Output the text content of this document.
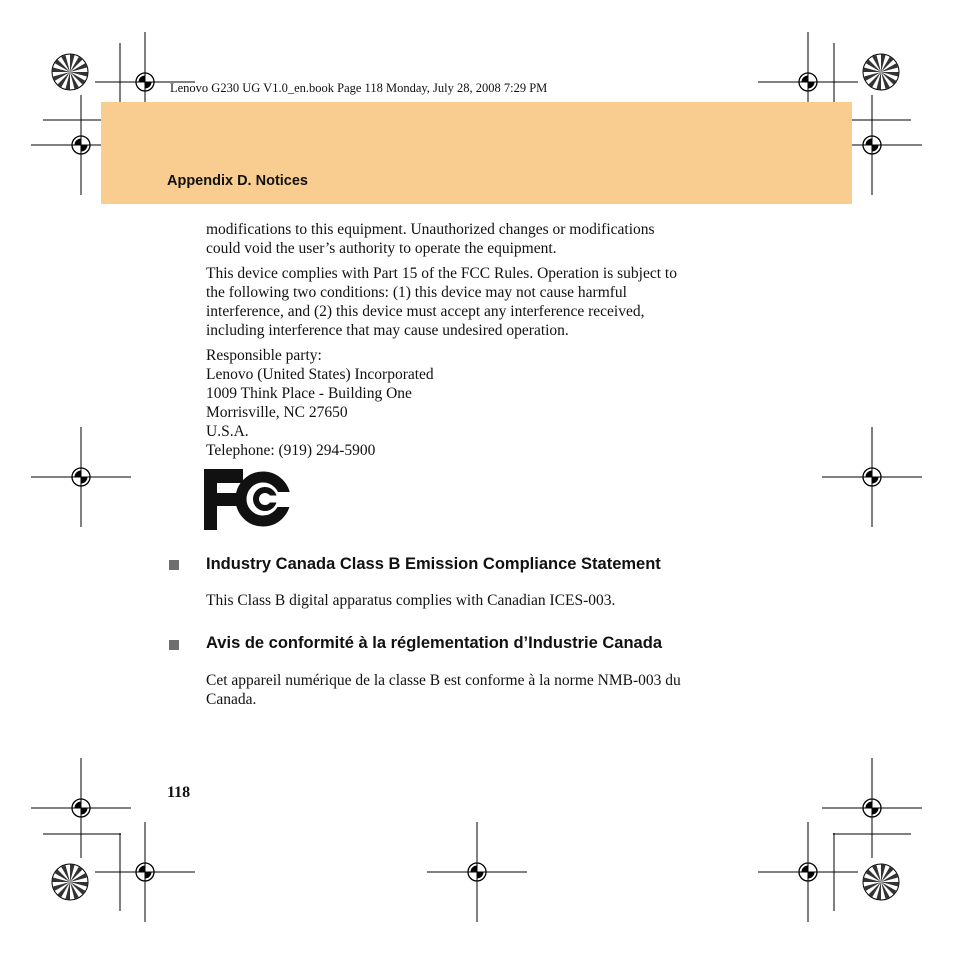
Lenovo G230 UG V1.0_en.book Page 118 Monday, July 28, 2008 7:29 PM
Appendix D. Notices

modifications to this equipment. Unauthorized changes or modifications
could void the user’s authority to operate the equipment.

This device complies with Part 15 of the FCC Rules. Operation is subject to
the following two conditions: (1) this device may not cause harmful
interference, and (2) this device must accept any interference received,
including interference that may cause undesired operation.

Responsible party:
Lenovo (United States) Incorporated
1009 Think Place - Building One
Morrisville, NC 27650
U.S.A.
Telephone: (919) 294-5900

Industry Canada Class B Emission Compliance Statement

This Class B digital apparatus complies with Canadian ICES-003.

Avis de conformité à la réglementation d’Industrie Canada

Cet appareil numérique de la classe B est conforme à la norme NMB-003 du
Canada.

118
